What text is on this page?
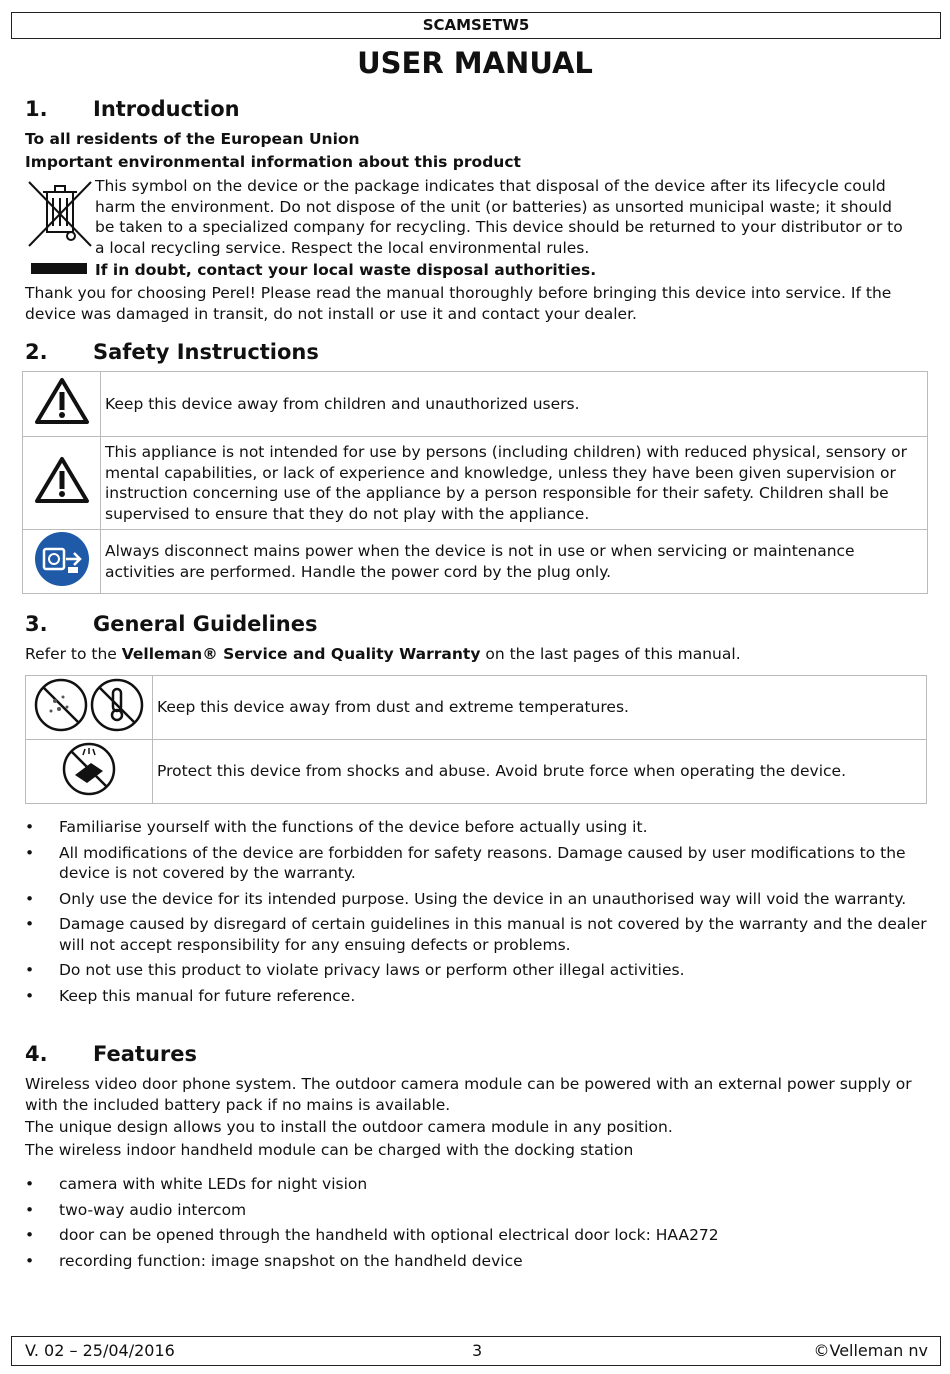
SCAMSETW5
USER MANUAL
1. Introduction

To all residents of the European Union

Important environmental information about this product

This symbol on the device or the package indicates that disposal of the device after its lifecycle could harm the environment. Do not dispose of the unit (or batteries) as unsorted municipal waste; it should be taken to a specialized company for recycling. This device should be returned to your distributor or to a local recycling service. Respect the local environmental rules.

If in doubt, contact your local waste disposal authorities.

Thank you for choosing Perel! Please read the manual thoroughly before bringing this device into service. If the device was damaged in transit, do not install or use it and contact your dealer.

2. Safety Instructions
	Keep this device away from children and unauthorized users.
	This appliance is not intended for use by persons (including children) with reduced physical, sensory or mental capabilities, or lack of experience and knowledge, unless they have been given supervision or instruction concerning use of the appliance by a person responsible for their safety. Children shall be supervised to ensure that they do not play with the appliance.
	Always disconnect mains power when the device is not in use or when servicing or maintenance activities are performed. Handle the power cord by the plug only.
3. General Guidelines

Refer to the Velleman® Service and Quality Warranty on the last pages of this manual.

	Keep this device away from dust and extreme temperatures.
	Protect this device from shocks and abuse. Avoid brute force when operating the device.
• Familiarise yourself with the functions of the device before actually using it.
• All modifications of the device are forbidden for safety reasons. Damage caused by user modifications to the device is not covered by the warranty.
• Only use the device for its intended purpose. Using the device in an unauthorised way will void the warranty.
• Damage caused by disregard of certain guidelines in this manual is not covered by the warranty and the dealer will not accept responsibility for any ensuing defects or problems.
• Do not use this product to violate privacy laws or perform other illegal activities.
• Keep this manual for future reference.
4. Features

Wireless video door phone system. The outdoor camera module can be powered with an external power supply or with the included battery pack if no mains is available.

The unique design allows you to install the outdoor camera module in any position.

The wireless indoor handheld module can be charged with the docking station

• camera with white LEDs for night vision
• two-way audio intercom
• door can be opened through the handheld with optional electrical door lock: HAA272
• recording function: image snapshot on the handheld device
V. 02 – 25/04/2016	3	©Velleman nv
